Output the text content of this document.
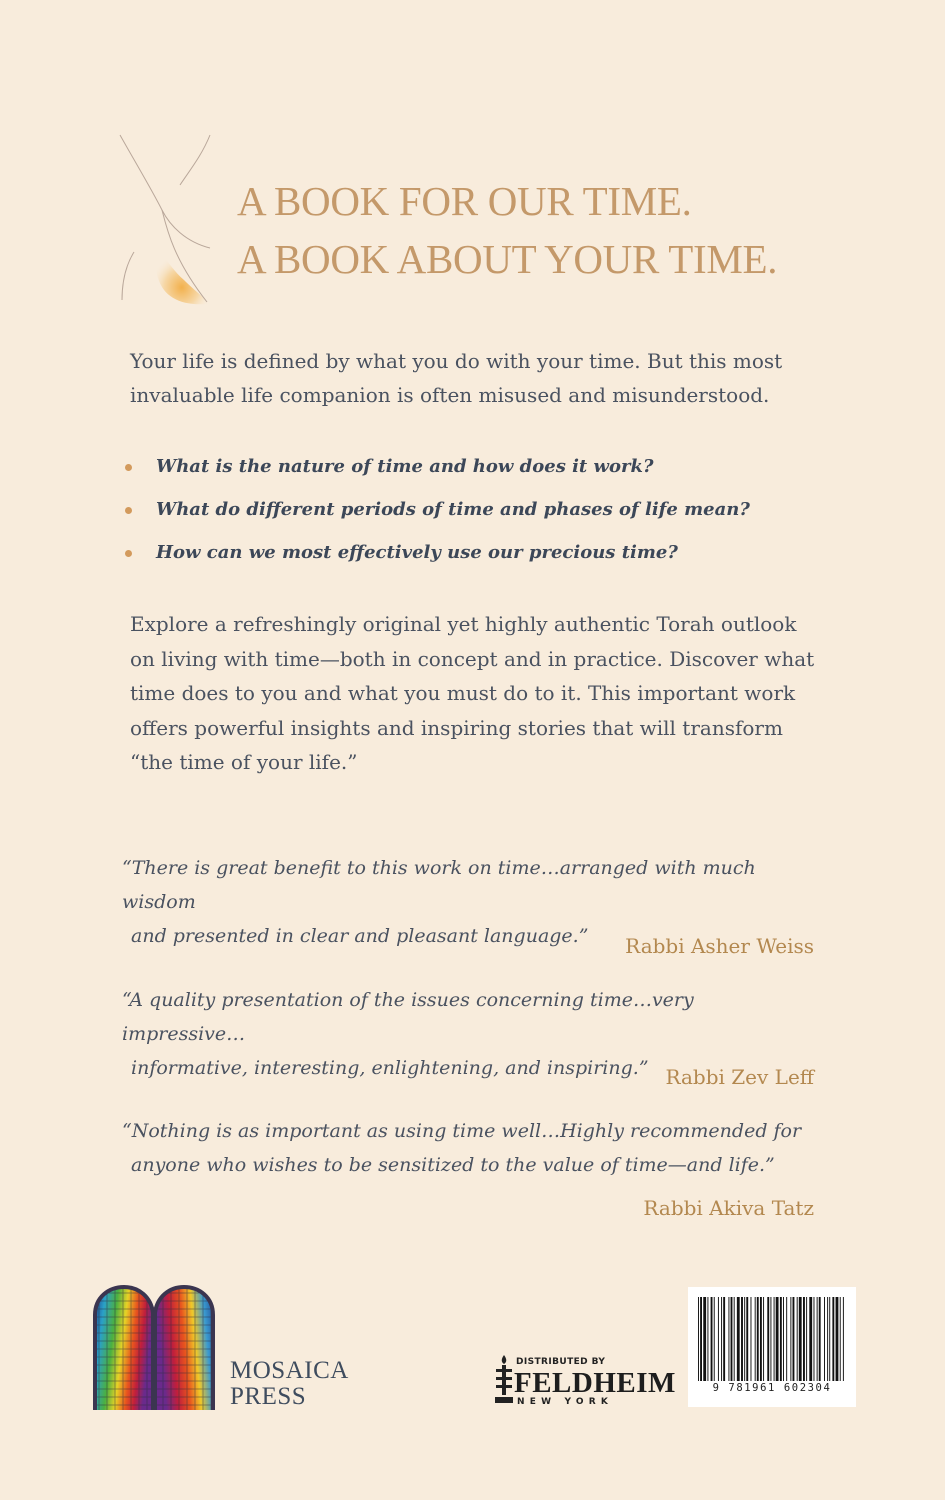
A BOOK FOR OUR TIME.
A BOOK ABOUT YOUR TIME.
Your life is defined by what you do with your time. But this most
invaluable life companion is often misused and misunderstood.
What is the nature of time and how does it work?
What do different periods of time and phases of life mean?
How can we most effectively use our precious time?
Explore a refreshingly original yet highly authentic Torah outlook
on living with time—both in concept and in practice. Discover what
time does to you and what you must do to it. This important work
offers powerful insights and inspiring stories that will transform
“the time of your life.”
“There is great benefit to this work on time…arranged with much wisdom
and presented in clear and pleasant language.”	Rabbi Asher Weiss
“A quality presentation of the issues concerning time…very impressive…
informative, interesting, enlightening, and inspiring.” Rabbi Zev Leff
“Nothing is as important as using time well…Highly recommended for
anyone who wishes to be sensitized to the value of time—and life.”
Rabbi Akiva Tatz
MOSAICA
PRESS
DISTRIBUTED BY
FELDHEIM
NEW YORK
9 781961 602304
